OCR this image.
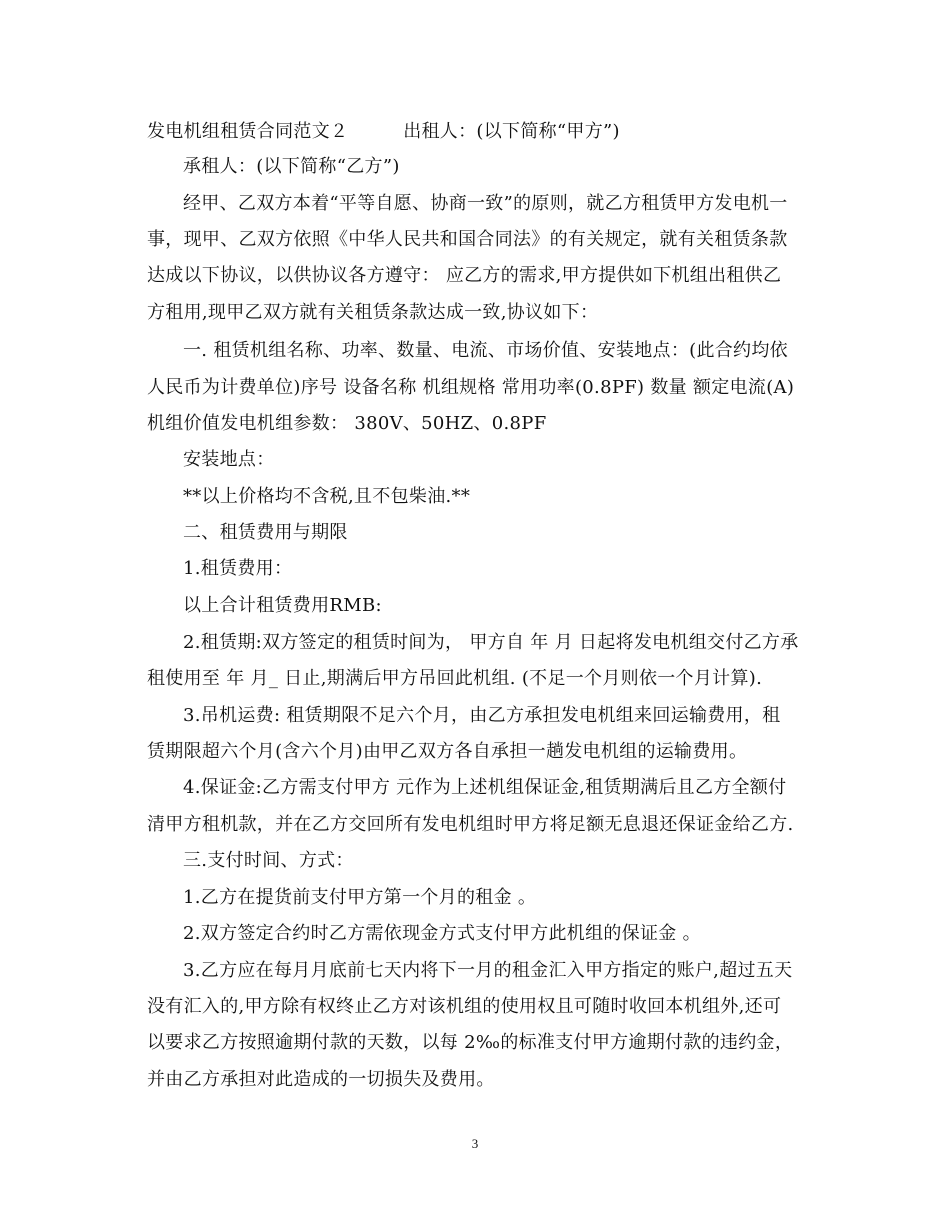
发电机组租赁合同范文２　　　出租人：(以下简称“甲方”)
承租人：(以下简称“乙方”)
经甲、乙双方本着“平等自愿、协商一致”的原则，就乙方租赁甲方发电机一
事，现甲、乙双方依照《中华人民共和国合同法》的有关规定，就有关租赁条款
达成以下协议，以供协议各方遵守： 应乙方的需求,甲方提供如下机组出租供乙
方租用,现甲乙双方就有关租赁条款达成一致,协议如下：
一. 租赁机组名称、功率、数量、电流、市场价值、安装地点：(此合约均依
人民币为计费单位)序号 设备名称 机组规格 常用功率(0.8PF) 数量 额定电流(A)
机组价值发电机组参数： 380V、50HZ、0.8PF
安装地点：
**以上价格均不含税,且不包柴油.**
二、租赁费用与期限
1.租赁费用：
以上合计租赁费用RMB:
2.租赁期:双方签定的租赁时间为， 甲方自 年 月 日起将发电机组交付乙方承
租使用至 年 月_ 日止,期满后甲方吊回此机组. (不足一个月则依一个月计算).
3.吊机运费: 租赁期限不足六个月，由乙方承担发电机组来回运输费用，租
赁期限超六个月(含六个月)由甲乙双方各自承担一趟发电机组的运输费用。
4.保证金:乙方需支付甲方 元作为上述机组保证金,租赁期满后且乙方全额付
清甲方租机款，并在乙方交回所有发电机组时甲方将足额无息退还保证金给乙方.
三.支付时间、方式：
1.乙方在提货前支付甲方第一个月的租金 。
2.双方签定合约时乙方需依现金方式支付甲方此机组的保证金 。
3.乙方应在每月月底前七天内将下一月的租金汇入甲方指定的账户,超过五天
没有汇入的,甲方除有权终止乙方对该机组的使用权且可随时收回本机组外,还可
以要求乙方按照逾期付款的天数，以每 2‰的标准支付甲方逾期付款的违约金，
并由乙方承担对此造成的一切损失及费用。
3
